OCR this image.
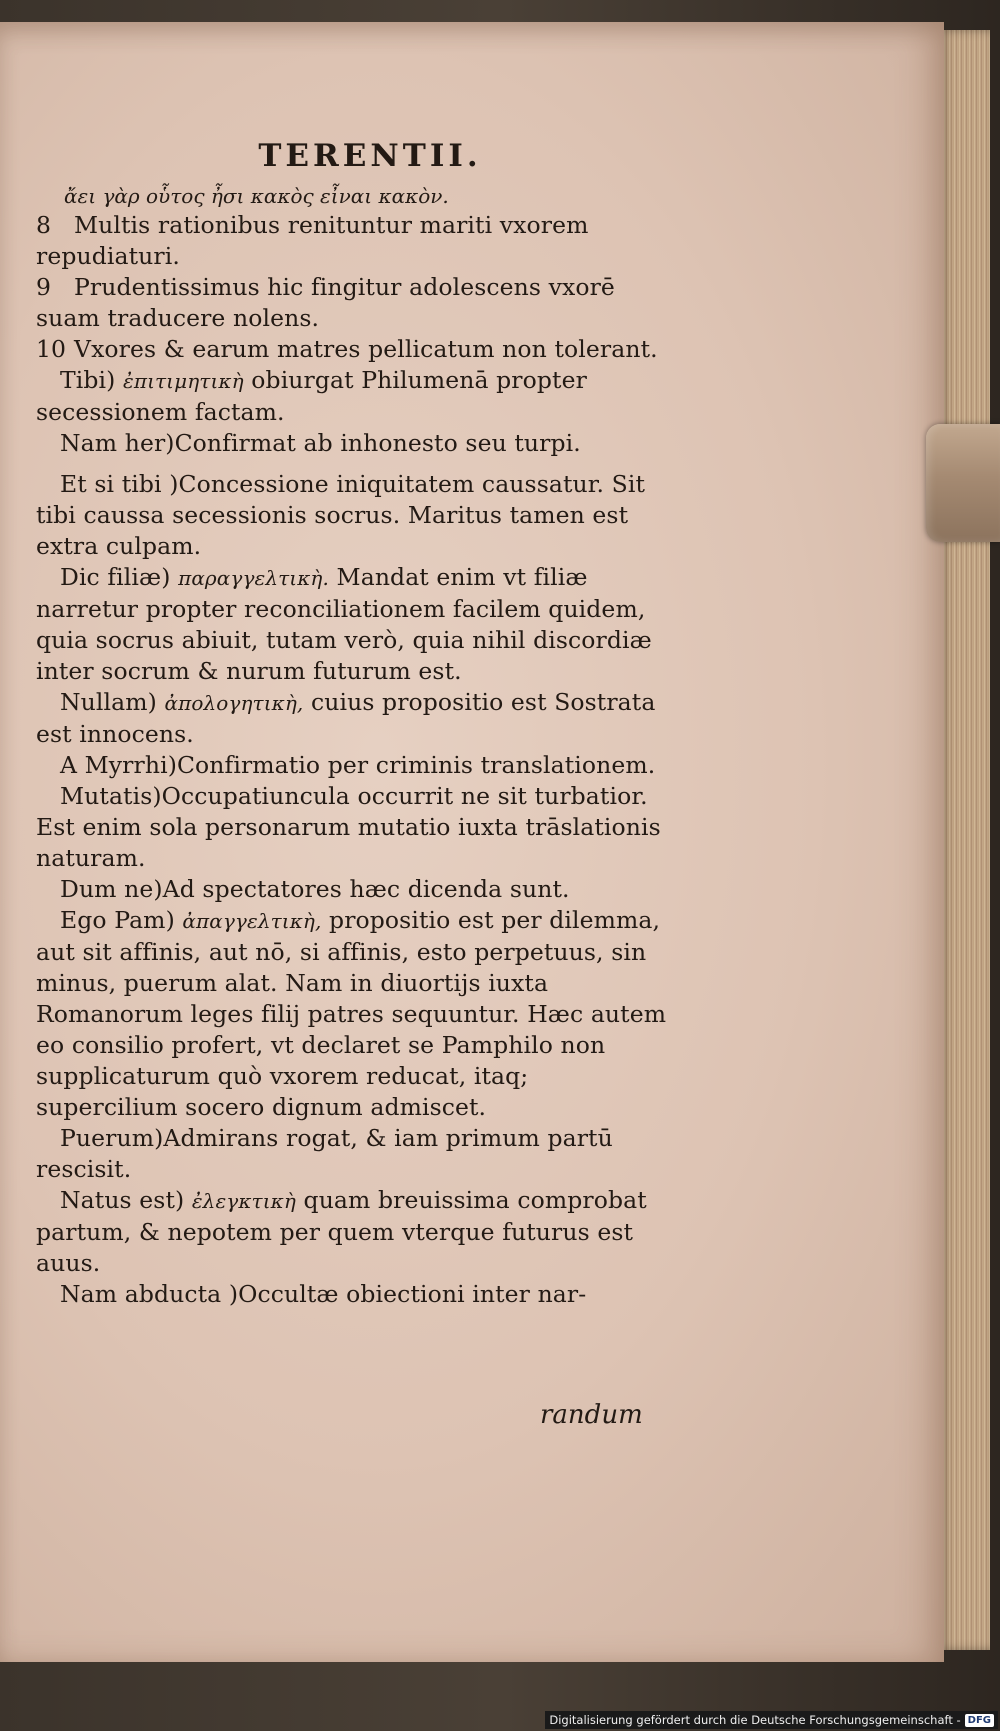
TERENTII.
ἄει γὰρ οὗτος ἦσι κακὸς εἶναι κακὸν.

8 Multis rationibus renituntur mariti vxorem repudiaturi.

9 Prudentissimus hic fingitur adolescens vxorē suam traducere nolens.

10 Vxores & earum matres pellicatum non tolerant.

Tibi) ἐπιτιμητικὴ obiurgat Philumenā propter secessionem factam.

Nam her)Confirmat ab inhonesto seu turpi.

Et si tibi )Concessione iniquitatem caussatur. Sit tibi caussa secessionis socrus. Maritus tamen est extra culpam.

Dic filiæ) παραγγελτικὴ. Mandat enim vt filiæ narretur propter reconciliationem facilem quidem, quia socrus abiuit, tutam verò, quia nihil discordiæ inter socrum & nurum futurum est.

Nullam) ἀπολογητικὴ, cuius propositio est Sostrata est innocens.

A Myrrhi)Confirmatio per criminis translationem.

Mutatis)Occupatiuncula occurrit ne sit turbatior. Est enim sola personarum mutatio iuxta trāslationis naturam.

Dum ne)Ad spectatores hæc dicenda sunt.

Ego Pam) ἀπαγγελτικὴ, propositio est per dilemma, aut sit affinis, aut nō, si affinis, esto perpetuus, sin minus, puerum alat. Nam in diuortijs iuxta Romanorum leges filij patres sequuntur. Hæc autem eo consilio profert, vt declaret se Pamphilo non supplicaturum quò vxorem reducat, itaq; supercilium socero dignum admiscet.

Puerum)Admirans rogat, & iam primum partū rescisit.

Natus est) ἐλεγκτικὴ quam breuissima comprobat partum, & nepotem per quem vterque futurus est auus.

Nam abducta )Occultæ obiectioni inter nar-

randum
Digitalisierung gefördert durch die Deutsche Forschungsgemeinschaft - DFG
